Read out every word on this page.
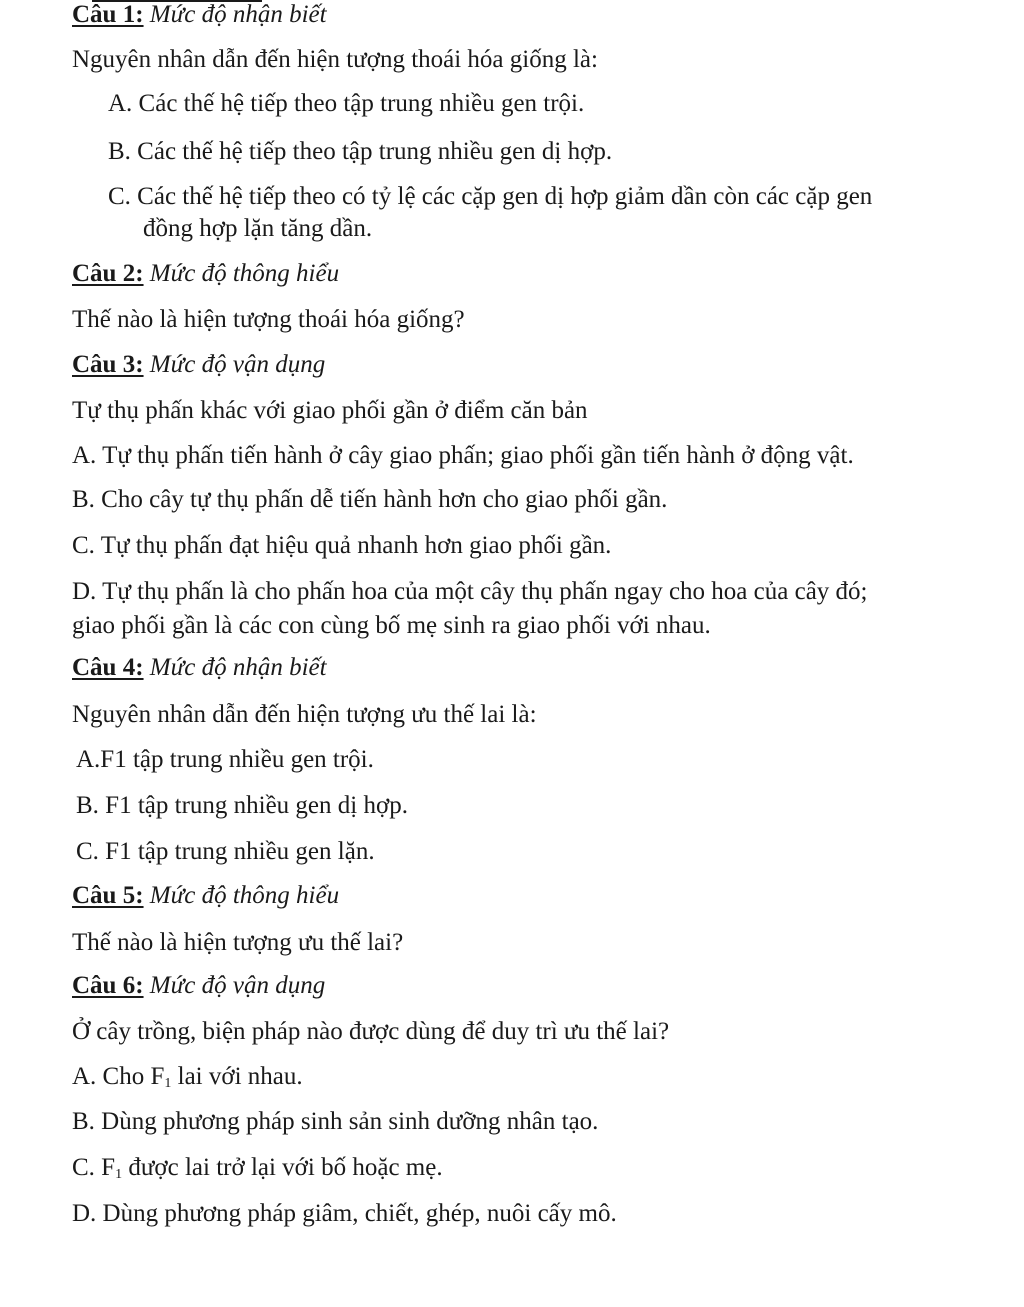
Câu 1: Mức độ nhận biết
Nguyên nhân dẫn đến hiện tượng thoái hóa giống là:
A. Các thế hệ tiếp theo tập trung nhiều gen trội.
B. Các thế hệ tiếp theo tập trung nhiều gen dị hợp.
C. Các thế hệ tiếp theo có tỷ lệ các cặp gen dị hợp giảm dần còn các cặp gen
đồng hợp lặn tăng dần.
Câu 2: Mức độ thông hiểu
Thế nào là hiện tượng thoái hóa giống?
Câu 3: Mức độ vận dụng
Tự thụ phấn khác với giao phối gần ở điểm căn bản
A. Tự thụ phấn tiến hành ở cây giao phấn; giao phối gần tiến hành ở động vật.
B. Cho cây tự thụ phấn dễ tiến hành hơn cho giao phối gần.
C. Tự thụ phấn đạt hiệu quả nhanh hơn giao phối gần.
D. Tự thụ phấn là cho phấn hoa của một cây thụ phấn ngay cho hoa của cây đó;
giao phối gần là các con cùng bố mẹ sinh ra giao phối với nhau.
Câu 4: Mức độ nhận biết
Nguyên nhân dẫn đến hiện tượng ưu thế lai là:
A.F1 tập trung nhiều gen trội.
B. F1 tập trung nhiều gen dị hợp.
C. F1 tập trung nhiều gen lặn.
Câu 5: Mức độ thông hiểu
Thế nào là hiện tượng ưu thế lai?
Câu 6: Mức độ vận dụng
Ở cây trồng, biện pháp nào được dùng để duy trì ưu thế lai?
A. Cho $F_1$ lai với nhau.
B. Dùng phương pháp sinh sản sinh dưỡng nhân tạo.
C. $F_1$ được lai trở lại với bố hoặc mẹ.
D. Dùng phương pháp giâm, chiết, ghép, nuôi cấy mô.
